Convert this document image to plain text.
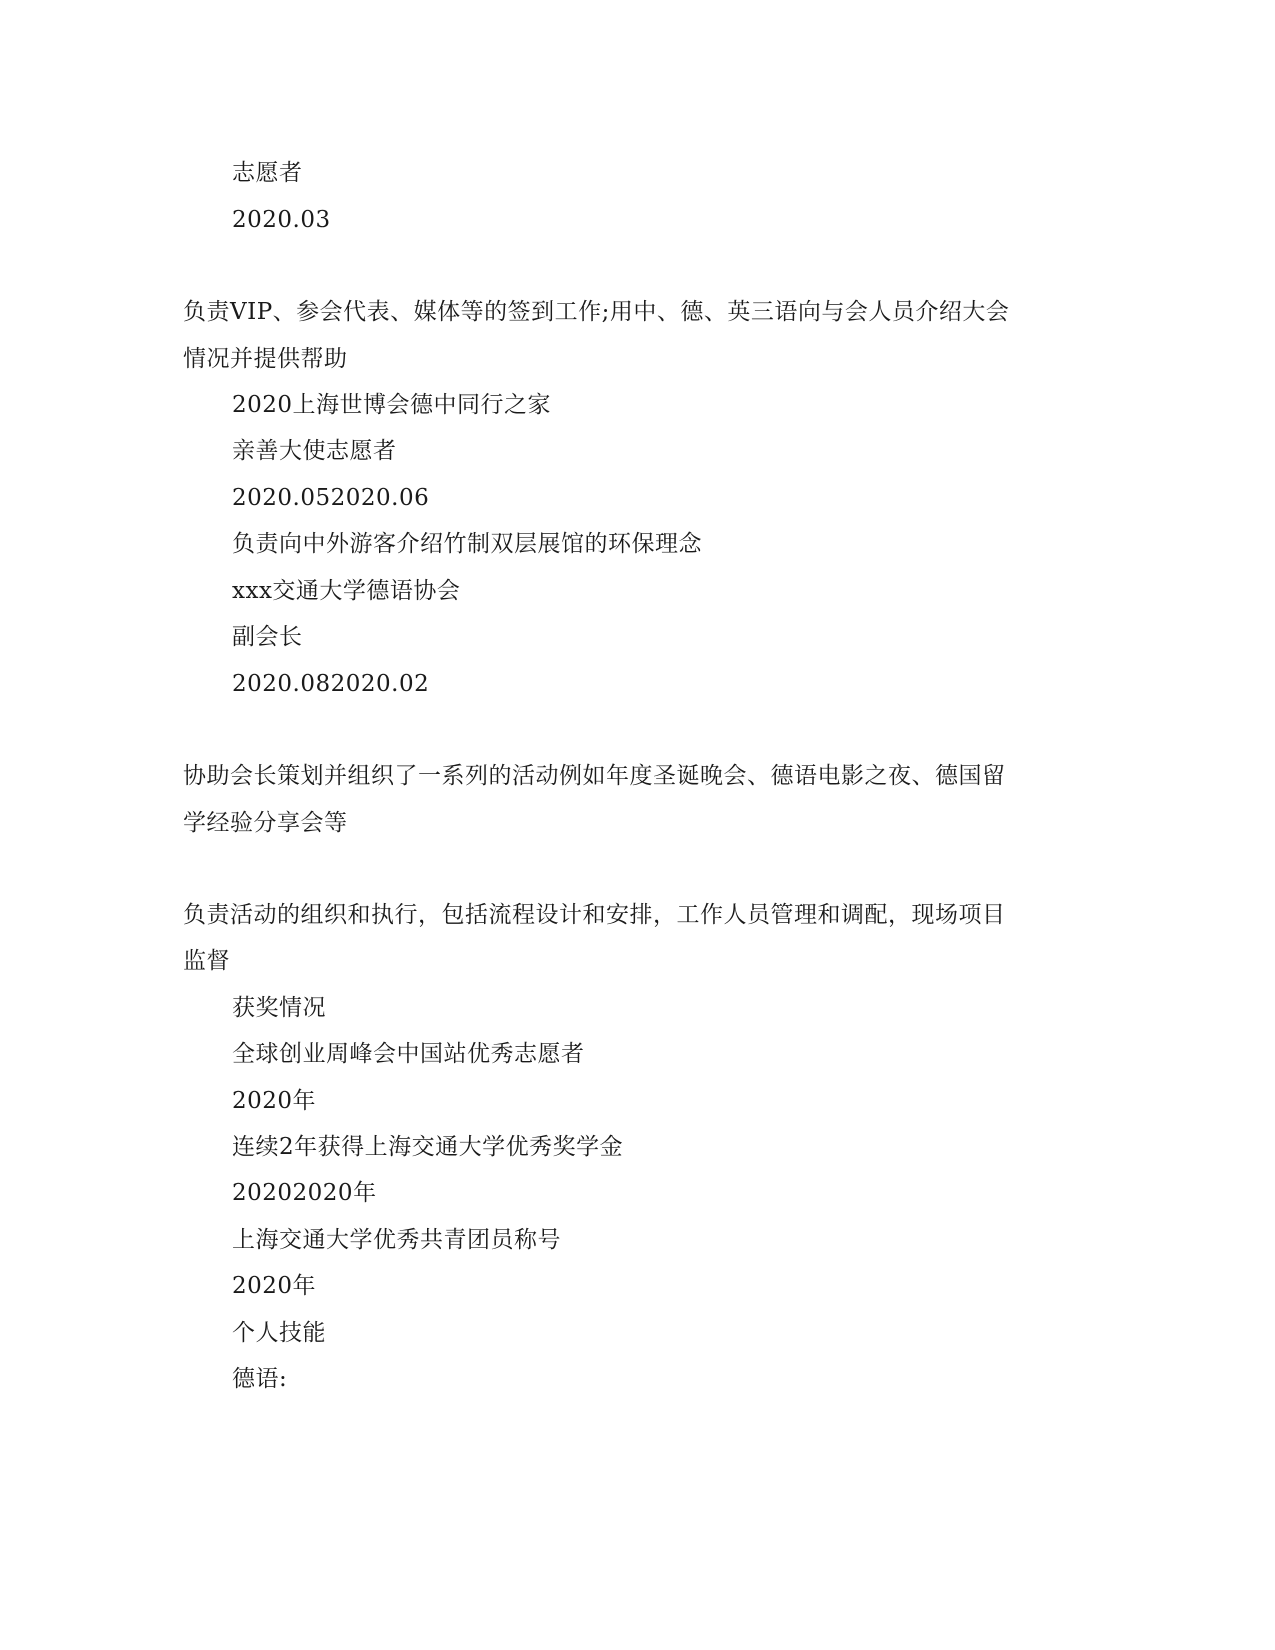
志愿者
2020.03
负责VIP、参会代表、媒体等的签到工作;用中、德、英三语向与会人员介绍大会
情况并提供帮助
2020上海世博会德中同行之家
亲善大使志愿者
2020.052020.06
负责向中外游客介绍竹制双层展馆的环保理念
xxx交通大学德语协会
副会长
2020.082020.02
协助会长策划并组织了一系列的活动例如年度圣诞晚会、德语电影之夜、德国留
学经验分享会等
负责活动的组织和执行，包括流程设计和安排，工作人员管理和调配，现场项目
监督
获奖情况
全球创业周峰会中国站优秀志愿者
2020年
连续2年获得上海交通大学优秀奖学金
20202020年
上海交通大学优秀共青团员称号
2020年
个人技能
德语:
